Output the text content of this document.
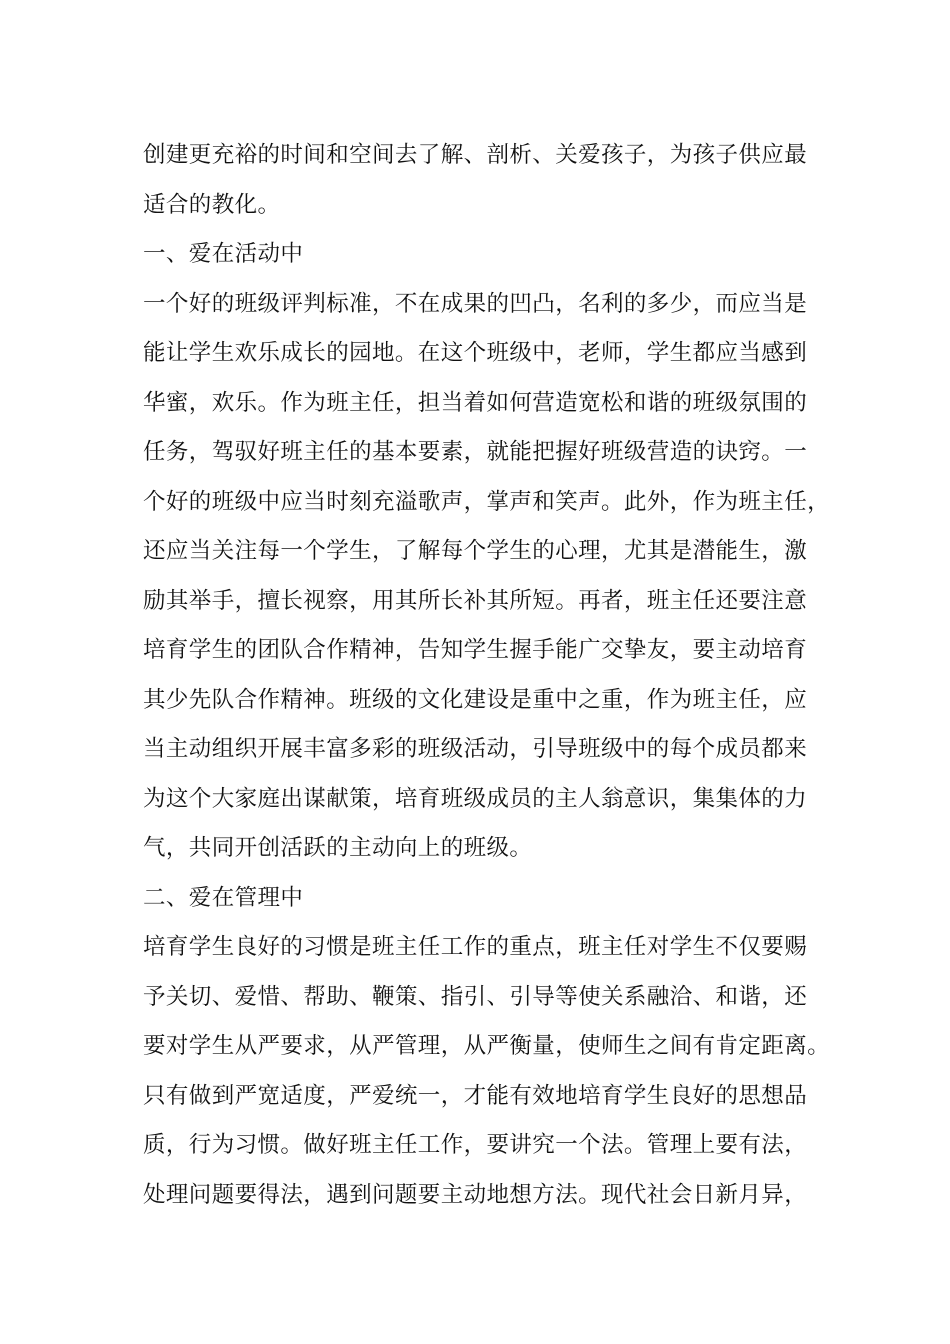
创建更充裕的时间和空间去了解、剖析、关爱孩子，为孩子供应最
适合的教化。
一、爱在活动中
一个好的班级评判标准，不在成果的凹凸，名利的多少，而应当是
能让学生欢乐成长的园地。在这个班级中，老师，学生都应当感到
华蜜，欢乐。作为班主任，担当着如何营造宽松和谐的班级氛围的
任务，驾驭好班主任的基本要素，就能把握好班级营造的诀窍。一
个好的班级中应当时刻充溢歌声，掌声和笑声。此外，作为班主任，
还应当关注每一个学生，了解每个学生的心理，尤其是潜能生，激
励其举手，擅长视察，用其所长补其所短。再者，班主任还要注意
培育学生的团队合作精神，告知学生握手能广交挚友，要主动培育
其少先队合作精神。班级的文化建设是重中之重，作为班主任，应
当主动组织开展丰富多彩的班级活动，引导班级中的每个成员都来
为这个大家庭出谋献策，培育班级成员的主人翁意识，集集体的力
气，共同开创活跃的主动向上的班级。
二、爱在管理中
培育学生良好的习惯是班主任工作的重点，班主任对学生不仅要赐
予关切、爱惜、帮助、鞭策、指引、引导等使关系融洽、和谐，还
要对学生从严要求，从严管理，从严衡量，使师生之间有肯定距离。
只有做到严宽适度，严爱统一，才能有效地培育学生良好的思想品
质，行为习惯。做好班主任工作，要讲究一个法。管理上要有法，
处理问题要得法，遇到问题要主动地想方法。现代社会日新月异，
